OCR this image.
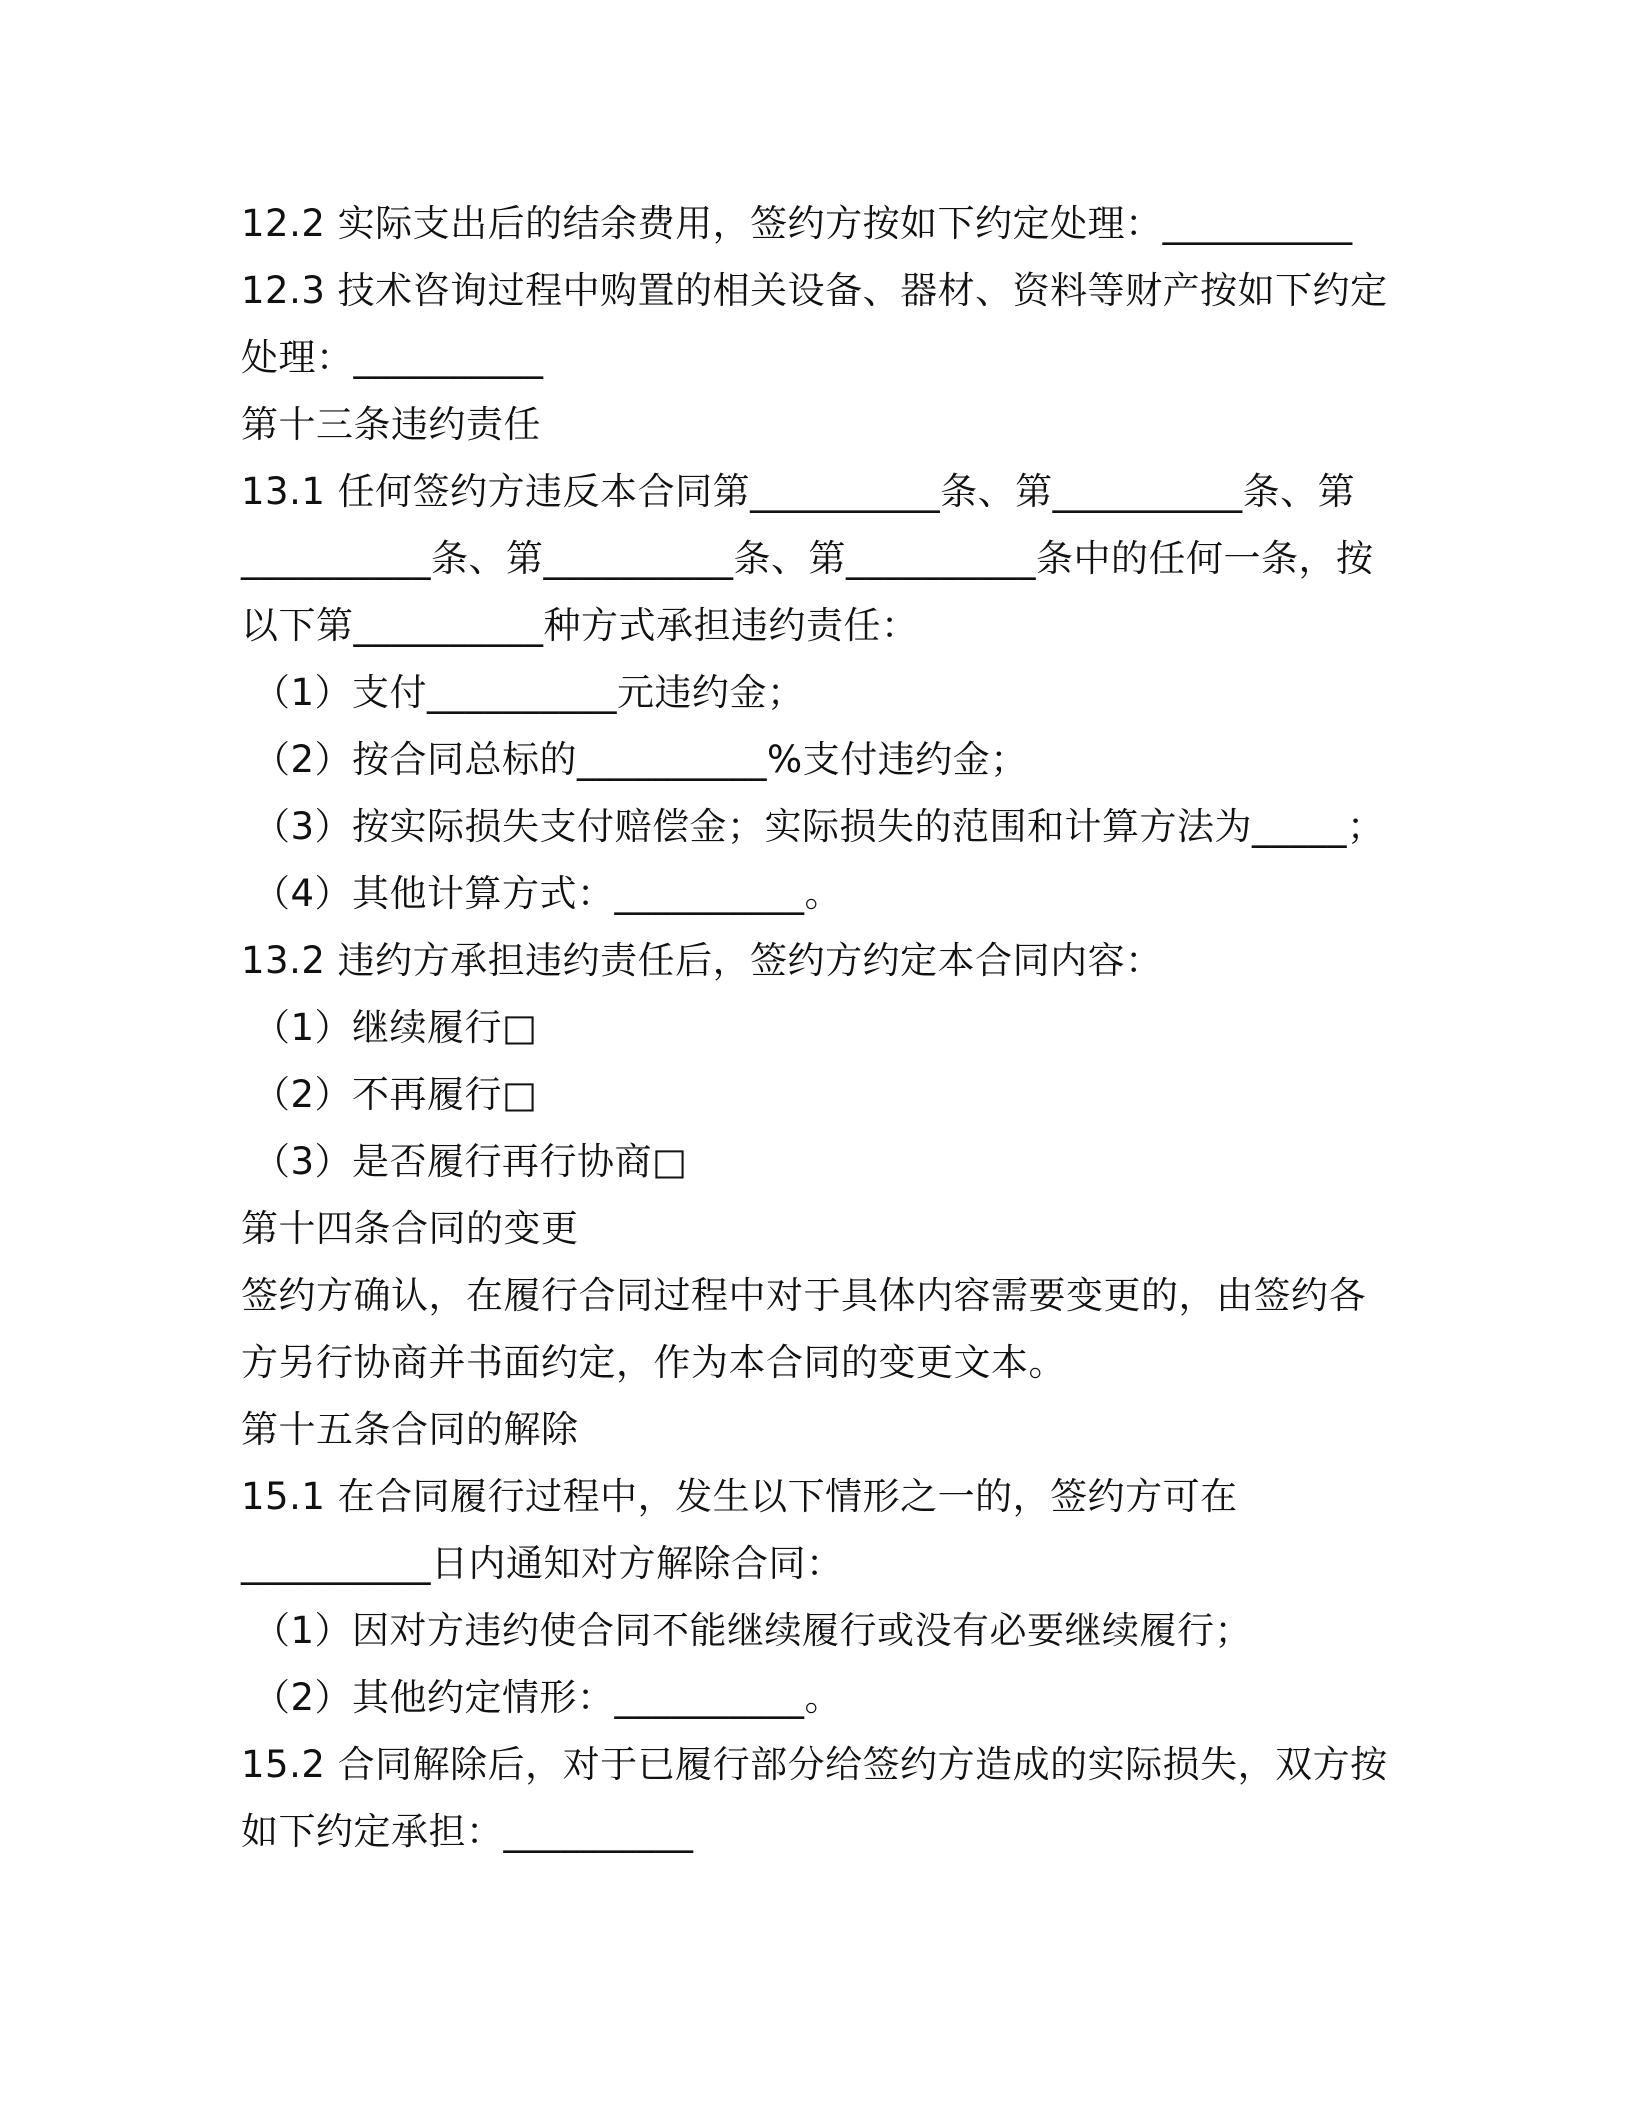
12.2 实际支出后的结余费用，签约方按如下约定处理：__________
12.3 技术咨询过程中购置的相关设备、器材、资料等财产按如下约定
处理：__________
第十三条违约责任
13.1 任何签约方违反本合同第__________条、第__________条、第
__________条、第__________条、第__________条中的任何一条，按
以下第__________种方式承担违约责任：
（1）支付__________元违约金；
（2）按合同总标的__________%支付违约金；
（3）按实际损失支付赔偿金；实际损失的范围和计算方法为_____；
（4）其他计算方式：__________。
13.2 违约方承担违约责任后，签约方约定本合同内容：
（1）继续履行□
（2）不再履行□
（3）是否履行再行协商□
第十四条合同的变更
签约方确认，在履行合同过程中对于具体内容需要变更的，由签约各
方另行协商并书面约定，作为本合同的变更文本。
第十五条合同的解除
15.1 在合同履行过程中，发生以下情形之一的，签约方可在
__________日内通知对方解除合同：
（1）因对方违约使合同不能继续履行或没有必要继续履行；
（2）其他约定情形：__________。
15.2 合同解除后，对于已履行部分给签约方造成的实际损失，双方按
如下约定承担：__________
